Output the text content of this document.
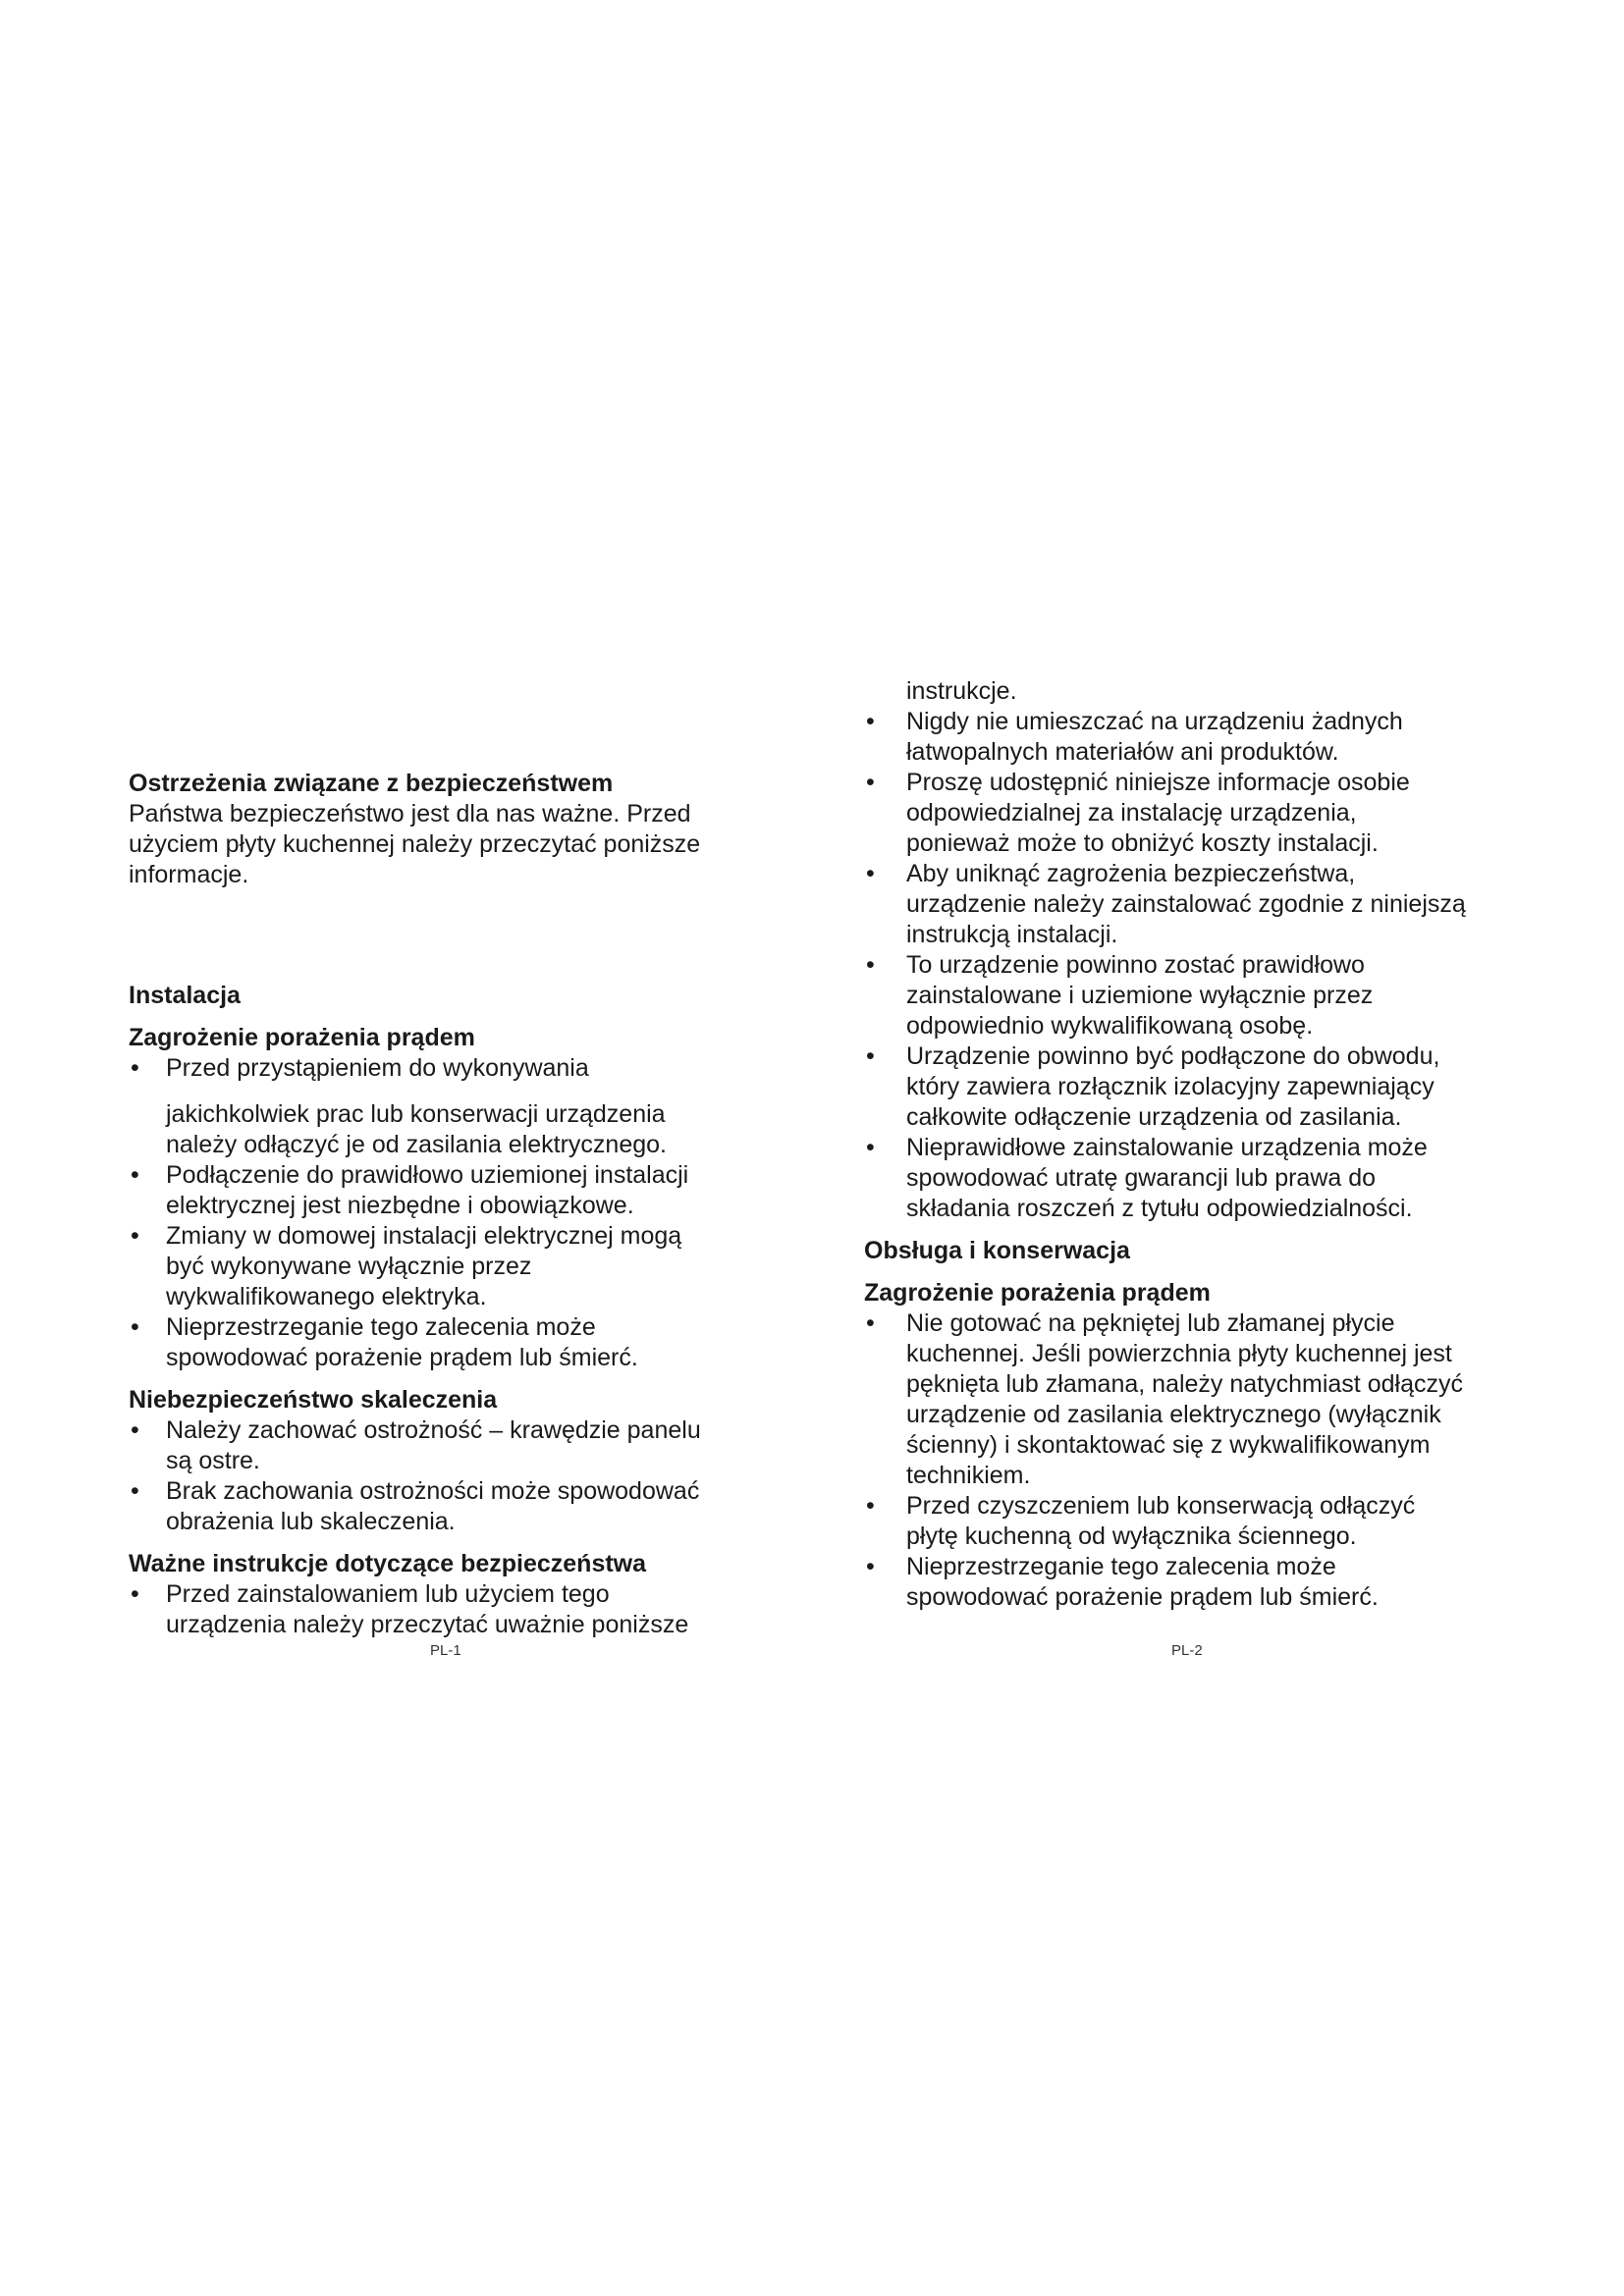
Ostrzeżenia związane z bezpieczeństwem

Państwa bezpieczeństwo jest dla nas ważne. Przed
użyciem płyty kuchennej należy przeczytać poniższe
informacje.

Instalacja

Zagrożenie porażenia prądem

• Przed przystąpieniem do wykonywania
jakichkolwiek prac lub konserwacji urządzenia
należy odłączyć je od zasilania elektrycznego.
• Podłączenie do prawidłowo uziemionej instalacji
elektrycznej jest niezbędne i obowiązkowe.
• Zmiany w domowej instalacji elektrycznej mogą
być wykonywane wyłącznie przez
wykwalifikowanego elektryka.
• Nieprzestrzeganie tego zalecenia może
spowodować porażenie prądem lub śmierć.

Niebezpieczeństwo skaleczenia

• Należy zachować ostrożność – krawędzie panelu
są ostre.
• Brak zachowania ostrożności może spowodować
obrażenia lub skaleczenia.

Ważne instrukcje dotyczące bezpieczeństwa

• Przed zainstalowaniem lub użyciem tego
urządzenia należy przeczytać uważnie poniższe
PL-1
instrukcje.
• Nigdy nie umieszczać na urządzeniu żadnych
łatwopalnych materiałów ani produktów.
• Proszę udostępnić niniejsze informacje osobie
odpowiedzialnej za instalację urządzenia,
ponieważ może to obniżyć koszty instalacji.
• Aby uniknąć zagrożenia bezpieczeństwa,
urządzenie należy zainstalować zgodnie z niniejszą
instrukcją instalacji.
• To urządzenie powinno zostać prawidłowo
zainstalowane i uziemione wyłącznie przez
odpowiednio wykwalifikowaną osobę.
• Urządzenie powinno być podłączone do obwodu,
który zawiera rozłącznik izolacyjny zapewniający
całkowite odłączenie urządzenia od zasilania.
• Nieprawidłowe zainstalowanie urządzenia może
spowodować utratę gwarancji lub prawa do
składania roszczeń z tytułu odpowiedzialności.

Obsługa i konserwacja

Zagrożenie porażenia prądem

• Nie gotować na pękniętej lub złamanej płycie
kuchennej. Jeśli powierzchnia płyty kuchennej jest
pęknięta lub złamana, należy natychmiast odłączyć
urządzenie od zasilania elektrycznego (wyłącznik
ścienny) i skontaktować się z wykwalifikowanym
technikiem.
• Przed czyszczeniem lub konserwacją odłączyć
płytę kuchenną od wyłącznika ściennego.
• Nieprzestrzeganie tego zalecenia może
spowodować porażenie prądem lub śmierć.
PL-2
